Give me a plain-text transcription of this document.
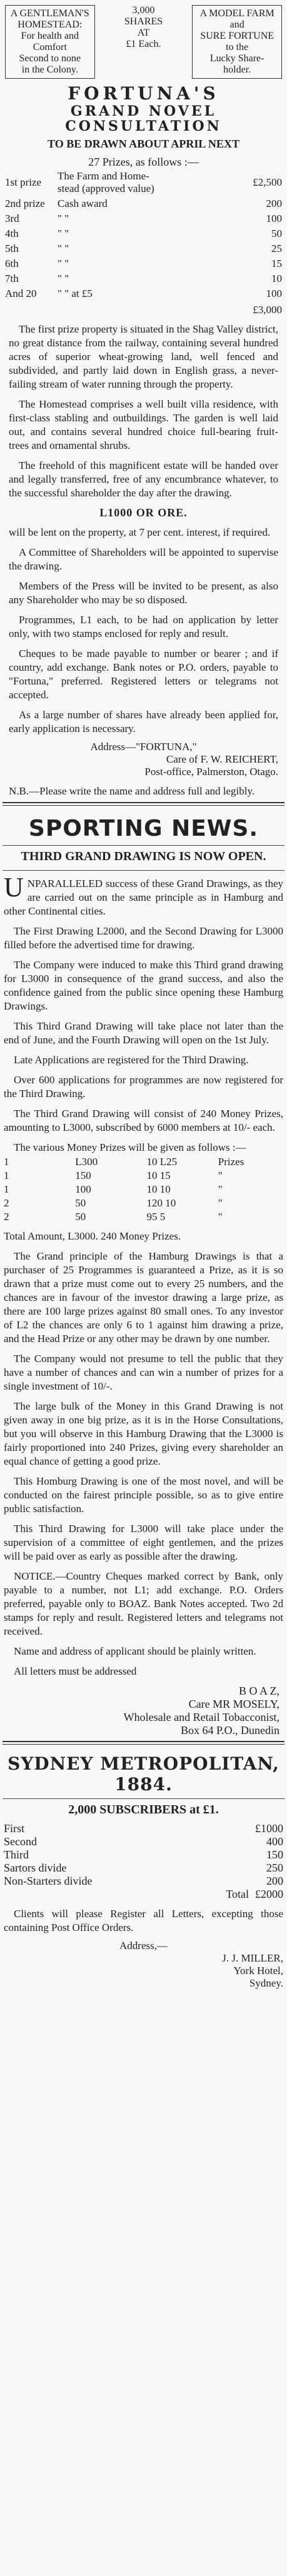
A GENTLEMAN'S
HOMESTEAD:
For health and
Comfort
Second to none
in the Colony.
3,000
SHARES
AT
£1 Each.
A MODEL FARM
and
SURE FORTUNE
to the
Lucky Share-
holder.
FORTUNA'S
GRAND NOVEL CONSULTATION
TO BE DRAWN ABOUT APRIL NEXT
27 Prizes, as follows :—
1st prize	The Farm and Home-
stead (approved value)	£2,500
2nd prize	Cash award	200
3rd	" "	100
4th	" "	50
5th	" "	25
6th	" "	15
7th	" "	10
And 20	" " at £5	100
£3,000
The first prize property is situated in the Shag Valley district, no great distance from the railway, containing several hundred acres of superior wheat-growing land, well fenced and subdivided, and partly laid down in English grass, a never-failing stream of water running through the property.
The Homestead comprises a well built villa residence, with first-class stabling and outbuildings. The garden is well laid out, and contains several hundred choice full-bearing fruit-trees and ornamental shrubs.
The freehold of this magnificent estate will be handed over and legally transferred, free of any encumbrance whatever, to the successful shareholder the day after the drawing.
L1000 OR ORE.
will be lent on the property, at 7 per cent. interest, if required.
A Committee of Shareholders will be appointed to supervise the drawing.
Members of the Press will be invited to be present, as also any Shareholder who may be so disposed.
Programmes, L1 each, to be had on application by letter only, with two stamps enclosed for reply and result.
Cheques to be made payable to number or bearer ; and if country, add exchange. Bank notes or P.O. orders, payable to "Fortuna," preferred. Registered letters or telegrams not accepted.
As a large number of shares have already been applied for, early application is necessary.
Address—"FORTUNA,"
Care of F. W. REICHERT,
Post-office, Palmerston, Otago.
N.B.—Please write the name and address full and legibly.
SPORTING NEWS.
THIRD GRAND DRAWING IS NOW OPEN.
UNPARALLELED success of these Grand Drawings, as they are carried out on the same principle as in Hamburg and other Continental cities.
The First Drawing L2000, and the Second Drawing for L3000 filled before the advertised time for drawing.
The Company were induced to make this Third grand drawing for L3000 in consequence of the grand success, and also the confidence gained from the public since opening these Hamburg Drawings.
This Third Grand Drawing will take place not later than the end of June, and the Fourth Drawing will open on the 1st July.
Late Applications are registered for the Third Drawing.
Over 600 applications for programmes are now registered for the Third Drawing.
The Third Grand Drawing will consist of 240 Money Prizes, amounting to L3000, subscribed by 6000 members at 10/- each.
The various Money Prizes will be given as follows :—
1	L300	10 L25	Prizes
1	150	10 15	"
1	100	10 10	"
2	50	120 10	"
2	50	95 5	"
Total Amount, L3000. 240 Money Prizes.
The Grand principle of the Hamburg Drawings is that a purchaser of 25 Programmes is guaranteed a Prize, as it is so drawn that a prize must come out to every 25 numbers, and the chances are in favour of the investor drawing a large prize, as there are 100 large prizes against 80 small ones. To any investor of L2 the chances are only 6 to 1 against him drawing a prize, and the Head Prize or any other may be drawn by one number.
The Company would not presume to tell the public that they have a number of chances and can win a number of prizes for a single investment of 10/-.
The large bulk of the Money in this Grand Drawing is not given away in one big prize, as it is in the Horse Consultations, but you will observe in this Hamburg Drawing that the L3000 is fairly proportioned into 240 Prizes, giving every shareholder an equal chance of getting a good prize.
This Homburg Drawing is one of the most novel, and will be conducted on the fairest principle possible, so as to give entire public satisfaction.
This Third Drawing for L3000 will take place under the supervision of a committee of eight gentlemen, and the prizes will be paid over as early as possible after the drawing.
NOTICE.—Country Cheques marked correct by Bank, only payable to a number, not L1; add exchange. P.O. Orders preferred, payable only to BOAZ. Bank Notes accepted. Two 2d stamps for reply and result. Registered letters and telegrams not received.
Name and address of applicant should be plainly written.
All letters must be addressed
B O A Z,
Care MR MOSELY,
Wholesale and Retail Tobacconist,
Box 64 P.O., Dunedin
SYDNEY METROPOLITAN, 1884.
2,000 SUBSCRIBERS at £1.
First	£1000
Second	400
Third	150
Sartors divide	250
Non-Starters divide	200
Total £2000
Clients will please Register all Letters, excepting those containing Post Office Orders.
Address,—
J. J. MILLER,
York Hotel,
Sydney.
